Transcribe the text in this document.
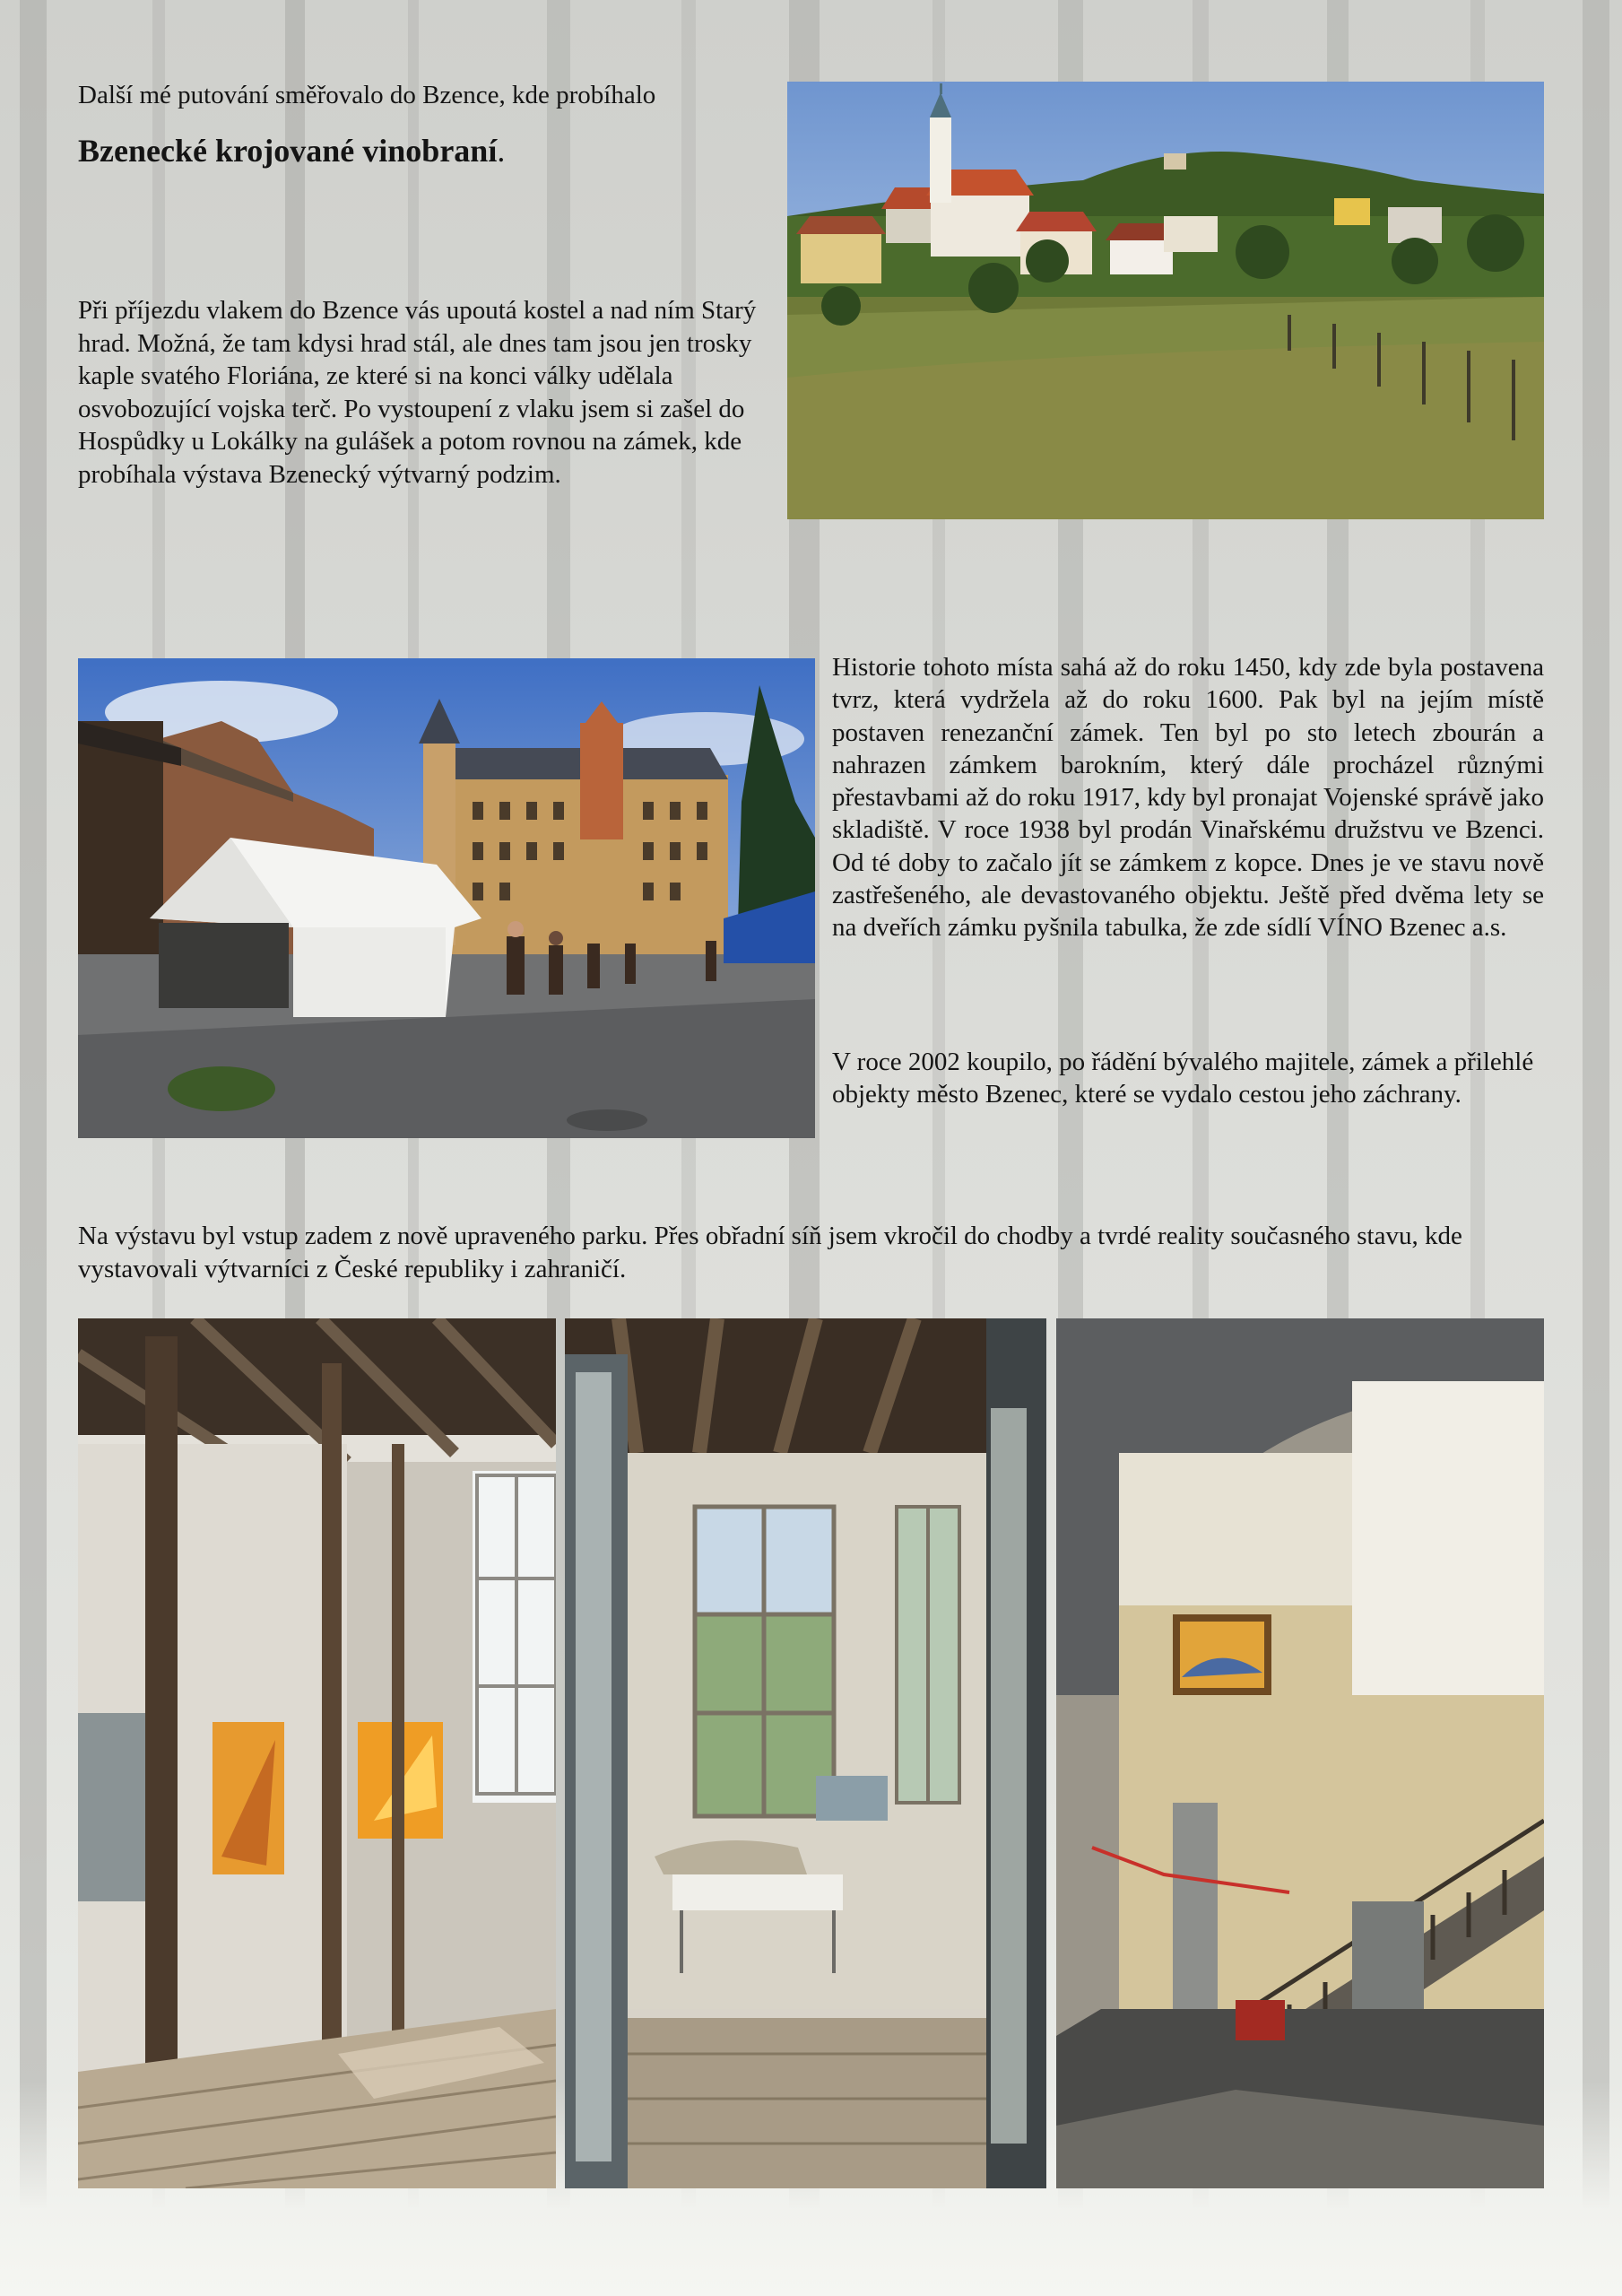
Další mé putování směřovalo do Bzence, kde probíhalo
Bzenecké krojované vinobraní.

Při příjezdu vlakem do Bzence vás upoutá kostel a nad ním Starý hrad. Možná, že tam kdysi hrad stál, ale dnes tam jsou jen trosky kaple svatého Floriána, ze které si na konci války udělala osvobozující vojska terč. Po vystoupení z vlaku jsem si zašel do Hospůdky u Lokálky na gulášek a potom rovnou na zámek, kde probíhala výstava Bzenecký výtvarný podzim.

Historie tohoto místa sahá až do roku 1450, kdy zde byla postavena tvrz, která vydržela až do roku 1600. Pak byl na jejím místě postaven renezanční zámek. Ten byl po sto letech zbourán a nahrazen zámkem barokním, který dále procházel různými přestavbami až do roku 1917, kdy byl pronajat Vojenské správě jako skladiště. V roce 1938 byl prodán Vinařskému družstvu ve Bzenci. Od té doby to začalo jít se zámkem z kopce. Dnes je ve stavu nově zastřešeného, ale devastovaného objektu. Ještě před dvěma lety se na dveřích zámku pyšnila tabulka, že zde sídlí VÍNO Bzenec a.s.

V roce 2002 koupilo, po řádění bývalého majitele, zámek a přilehlé objekty město Bzenec, které se vydalo cestou jeho záchrany.

Na výstavu byl vstup zadem z nově upraveného parku. Přes obřadní síň jsem vkročil do chodby a tvrdé reality současného stavu, kde vystavovali výtvarníci z České republiky i zahraničí.
